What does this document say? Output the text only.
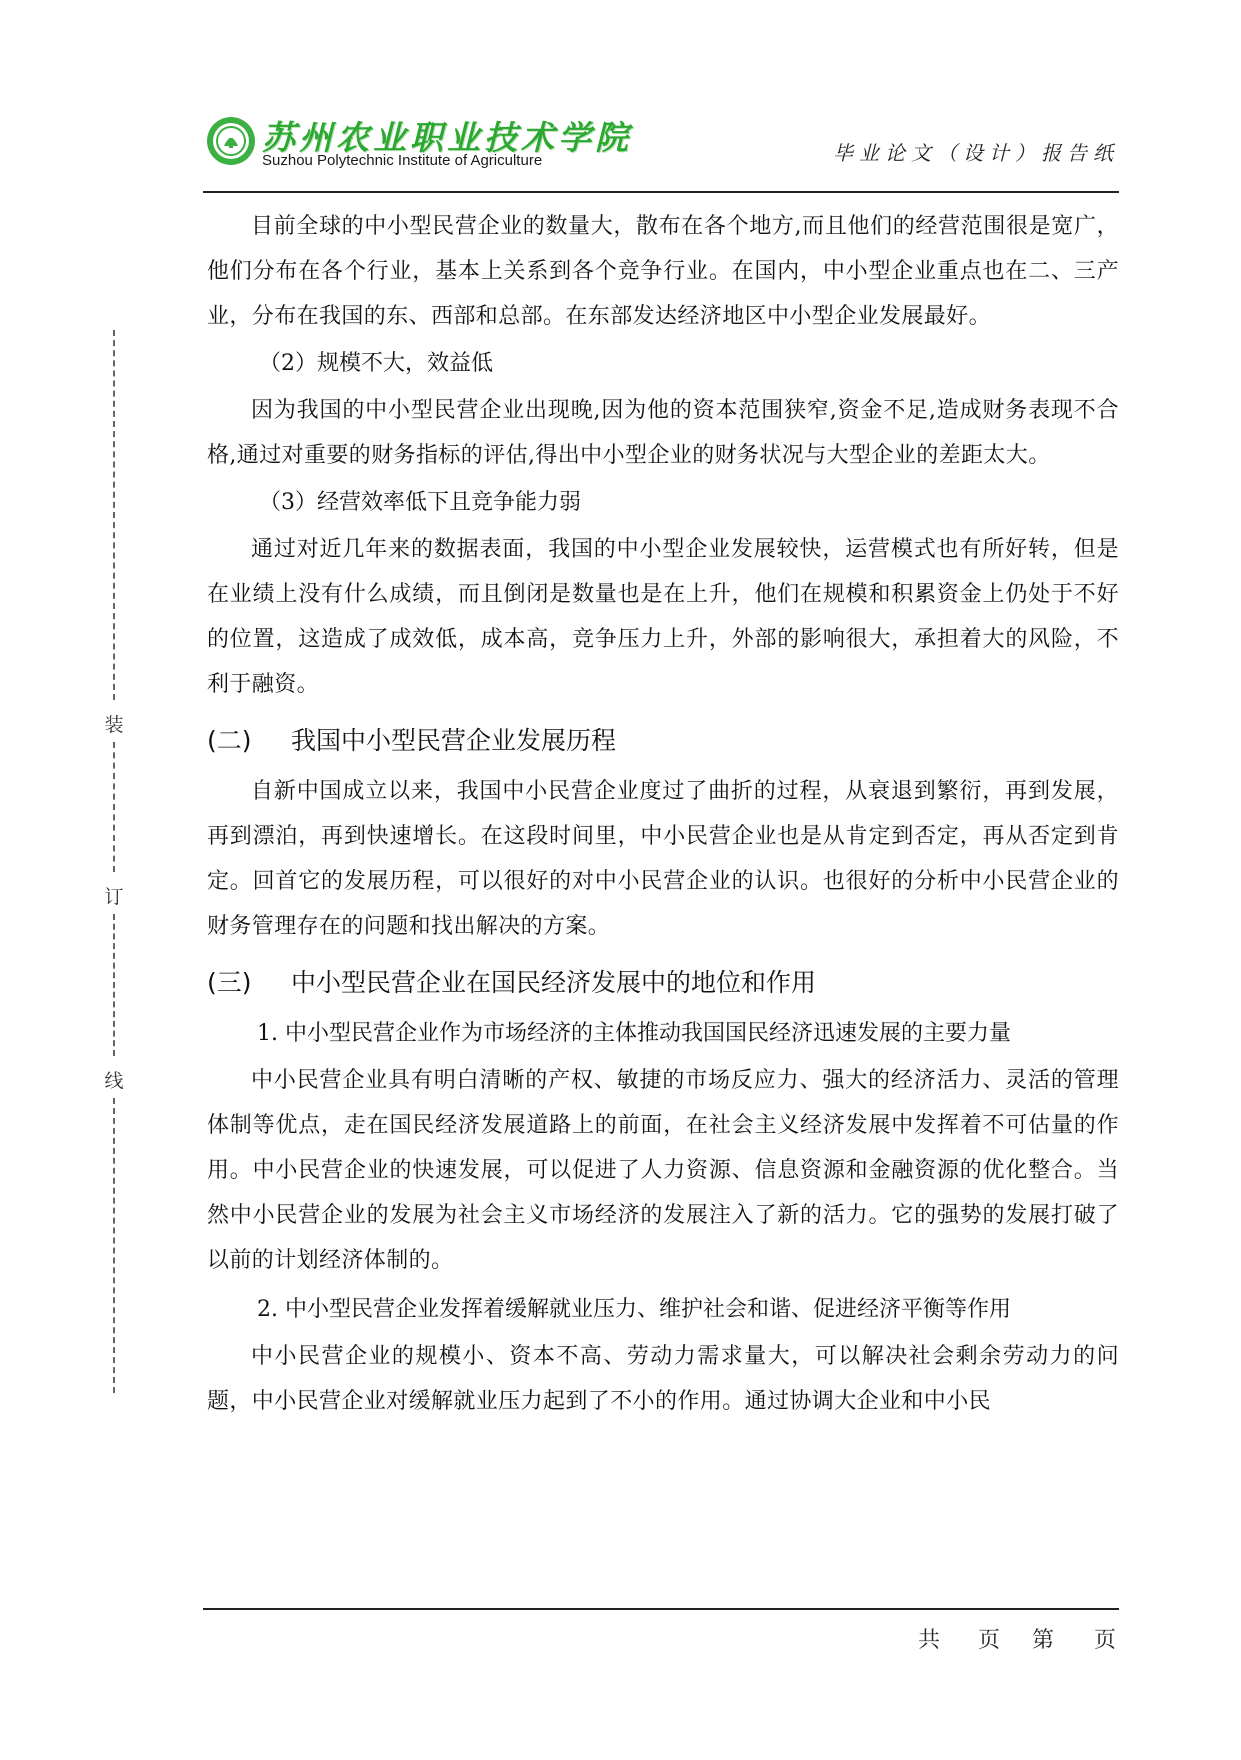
苏州农业职业技术学院
Suzhou Polytechnic Institute of Agriculture	毕业论文（设计）报告纸
装
订
线

目前全球的中小型民营企业的数量大，散布在各个地方,而且他们的经营范围很是宽广，他们分布在各个行业，基本上关系到各个竞争行业。在国内，中小型企业重点也在二、三产业，分布在我国的东、西部和总部。在东部发达经济地区中小型企业发展最好。

（2）规模不大，效益低

因为我国的中小型民营企业出现晚,因为他的资本范围狭窄,资金不足,造成财务表现不合格,通过对重要的财务指标的评估,得出中小型企业的财务状况与大型企业的差距太大。

（3）经营效率低下且竞争能力弱

通过对近几年来的数据表面，我国的中小型企业发展较快，运营模式也有所好转，但是在业绩上没有什么成绩，而且倒闭是数量也是在上升，他们在规模和积累资金上仍处于不好的位置，这造成了成效低，成本高，竞争压力上升，外部的影响很大，承担着大的风险，不利于融资。

(二)	我国中小型民营企业发展历程

自新中国成立以来，我国中小民营企业度过了曲折的过程，从衰退到繁衍，再到发展，再到漂泊，再到快速增长。在这段时间里，中小民营企业也是从肯定到否定，再从否定到肯定。回首它的发展历程，可以很好的对中小民营企业的认识。也很好的分析中小民营企业的财务管理存在的问题和找出解决的方案。

(三)	中小型民营企业在国民经济发展中的地位和作用

1. 中小型民营企业作为市场经济的主体推动我国国民经济迅速发展的主要力量

中小民营企业具有明白清晰的产权、敏捷的市场反应力、强大的经济活力、灵活的管理体制等优点，走在国民经济发展道路上的前面，在社会主义经济发展中发挥着不可估量的作用。中小民营企业的快速发展，可以促进了人力资源、信息资源和金融资源的优化整合。当然中小民营企业的发展为社会主义市场经济的发展注入了新的活力。它的强势的发展打破了以前的计划经济体制的。

2. 中小型民营企业发挥着缓解就业压力、维护社会和谐、促进经济平衡等作用

中小民营企业的规模小、资本不高、劳动力需求量大，可以解决社会剩余劳动力的问题，中小民营企业对缓解就业压力起到了不小的作用。通过协调大企业和中小民

共 页 第 页
